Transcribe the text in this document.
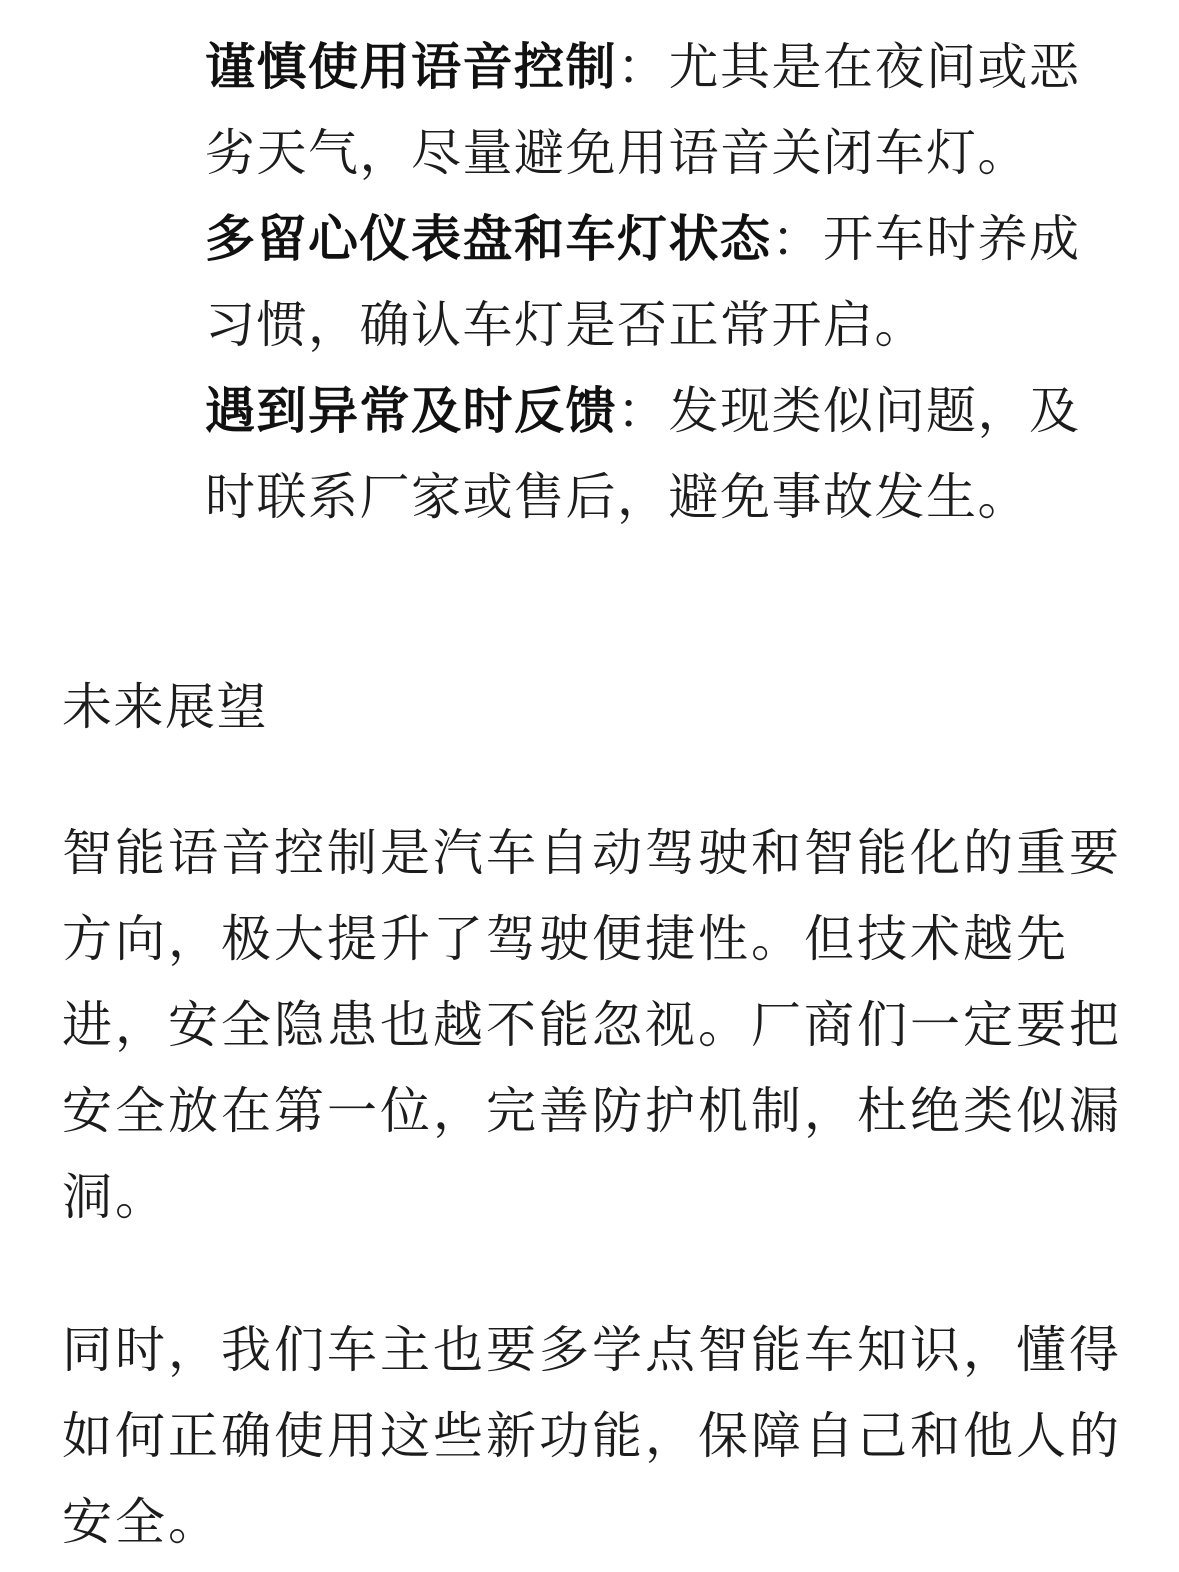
谨慎使用语音控制：尤其是在夜间或恶劣天气，尽量避免用语音关闭车灯。

多留心仪表盘和车灯状态：开车时养成习惯，确认车灯是否正常开启。

遇到异常及时反馈：发现类似问题，及时联系厂家或售后，避免事故发生。

未来展望

智能语音控制是汽车自动驾驶和智能化的重要方向，极大提升了驾驶便捷性。但技术越先进，安全隐患也越不能忽视。厂商们一定要把安全放在第一位，完善防护机制，杜绝类似漏洞。

同时，我们车主也要多学点智能车知识，懂得如何正确使用这些新功能，保障自己和他人的安全。
